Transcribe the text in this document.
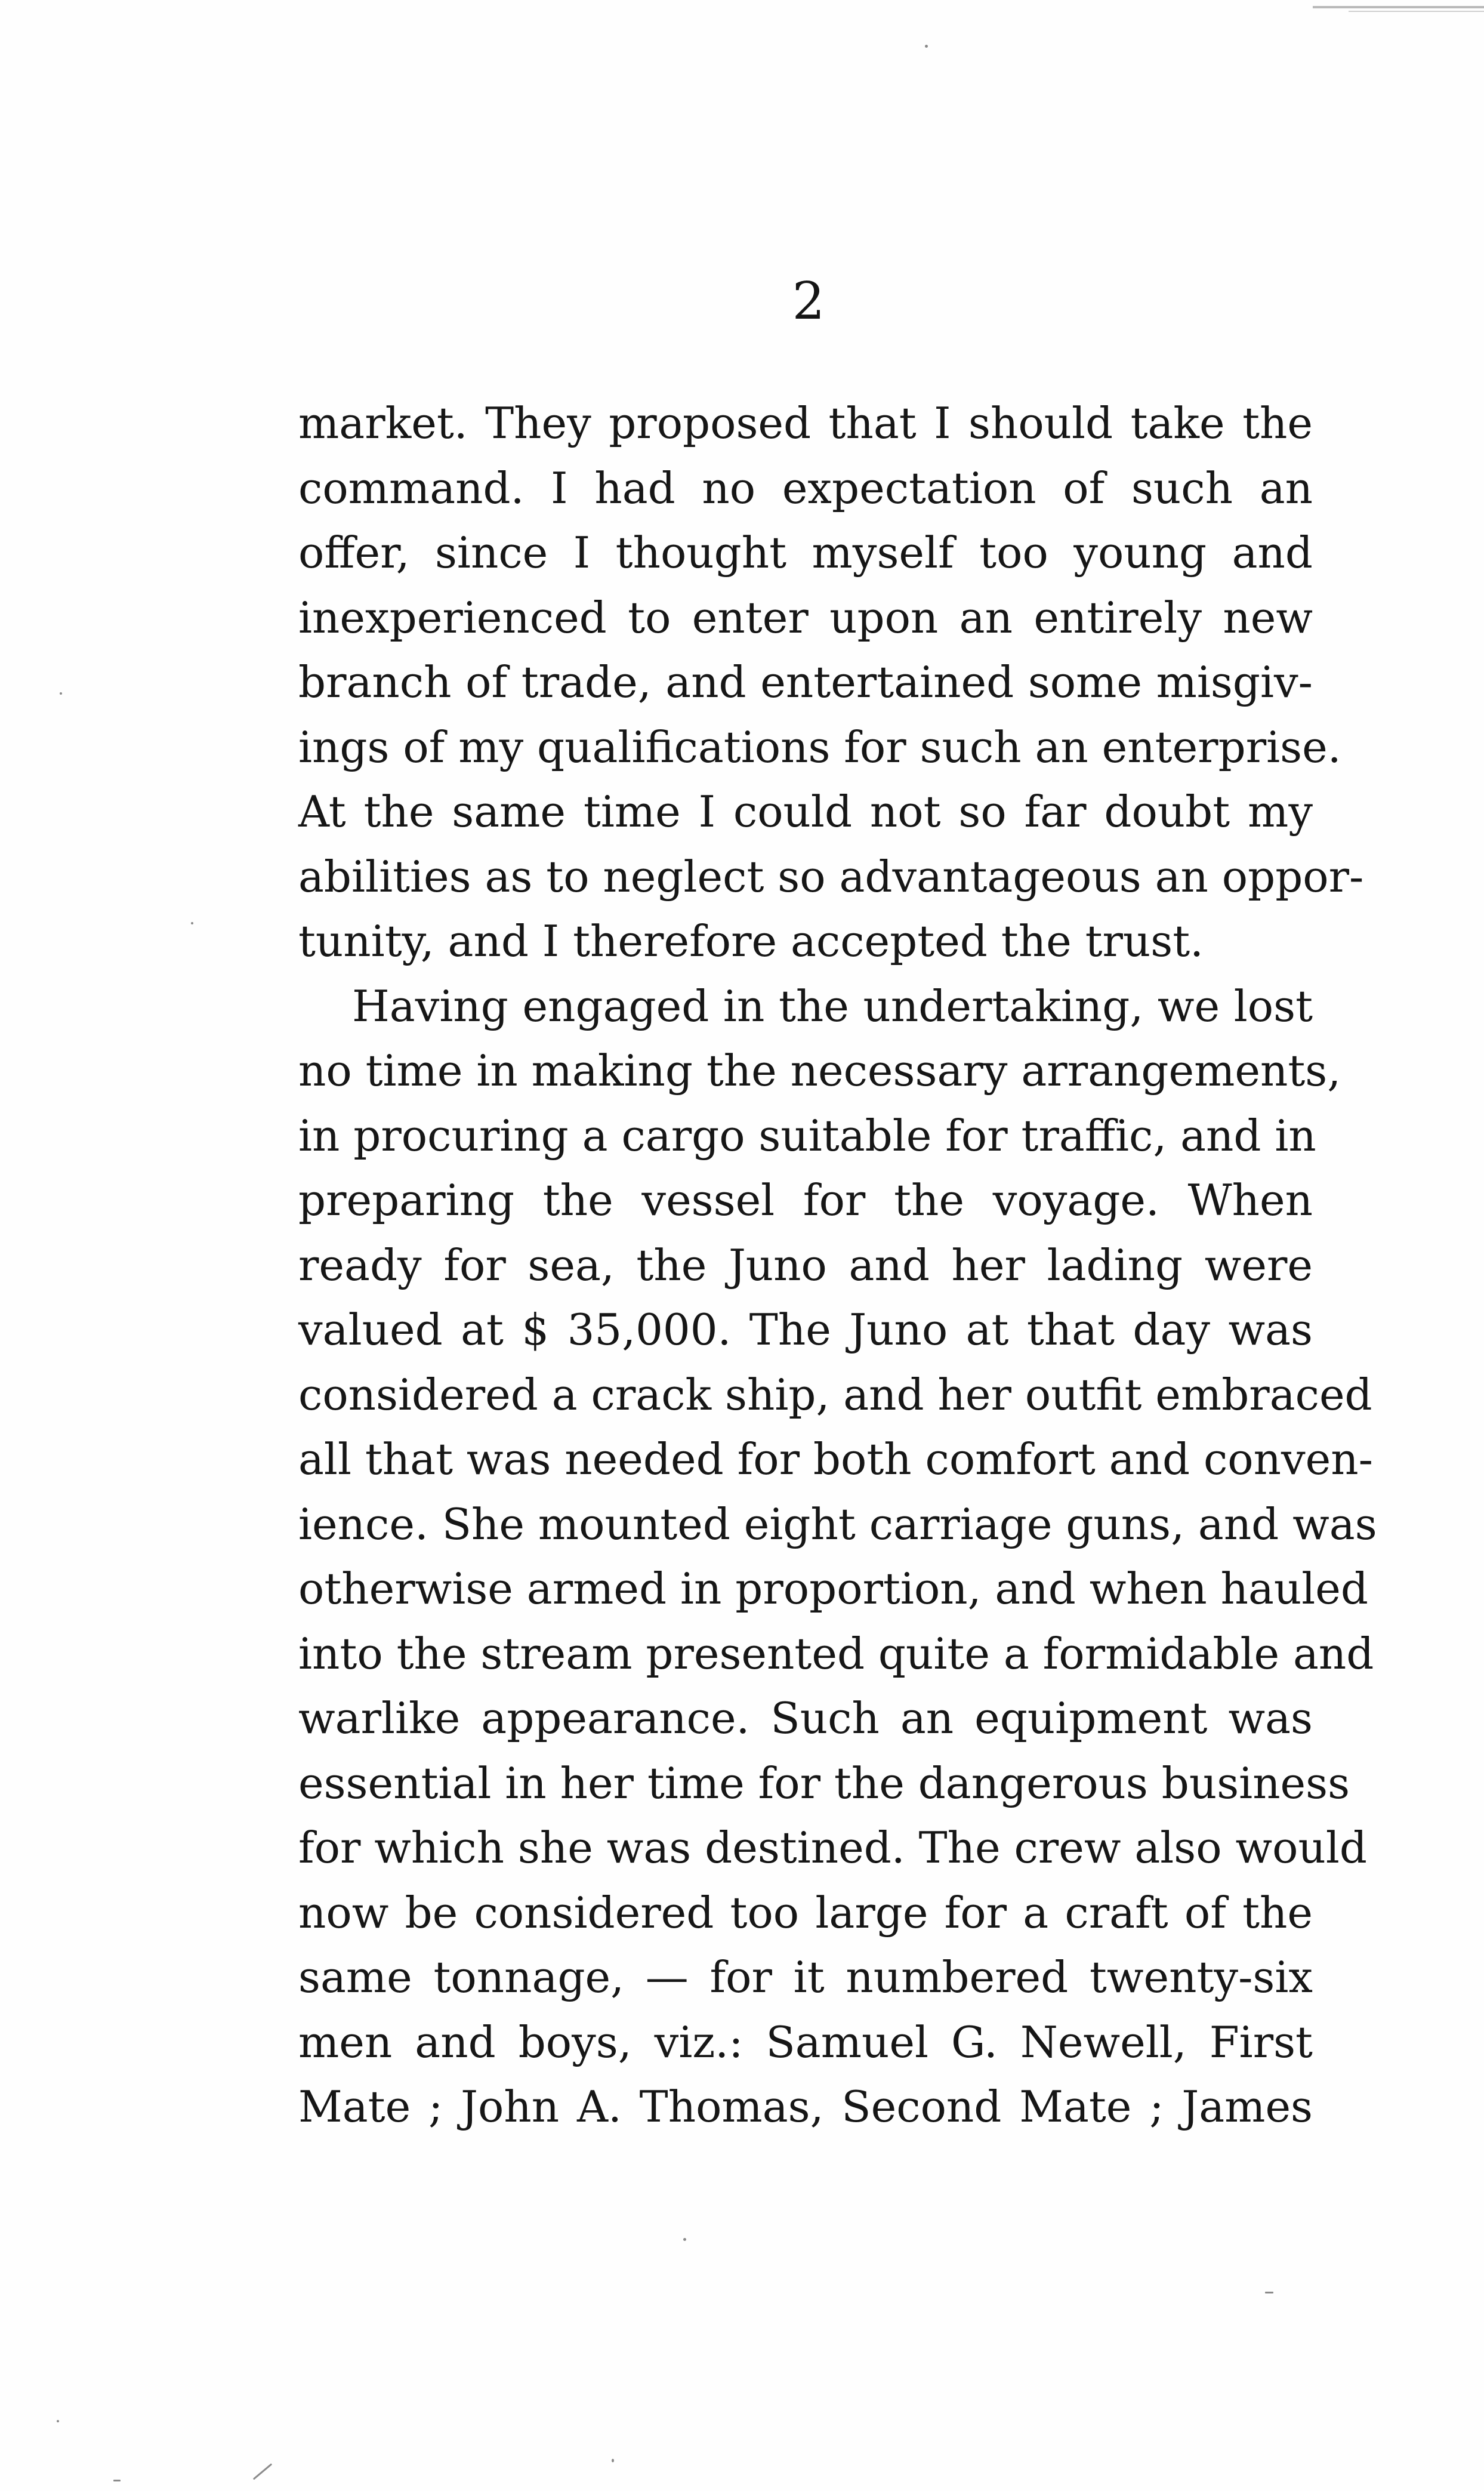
2
market. They proposed that I should take the
command. I had no expectation of such an
offer, since I thought myself too young and
inexperienced to enter upon an entirely new
branch of trade, and entertained some misgiv-
ings of my qualifications for such an enterprise.
At the same time I could not so far doubt my
abilities as to neglect so advantageous an oppor-
tunity, and I therefore accepted the trust.
Having engaged in the undertaking, we lost
no time in making the necessary arrangements,
in procuring a cargo suitable for traffic, and in
preparing the vessel for the voyage. When
ready for sea, the Juno and her lading were
valued at $ 35,000. The Juno at that day was
considered a crack ship, and her outfit embraced
all that was needed for both comfort and conven-
ience. She mounted eight carriage guns, and was
otherwise armed in proportion, and when hauled
into the stream presented quite a formidable and
warlike appearance. Such an equipment was
essential in her time for the dangerous business
for which she was destined. The crew also would
now be considered too large for a craft of the
same tonnage, — for it numbered twenty-six
men and boys, viz.: Samuel G. Newell, First
Mate ; John A. Thomas, Second Mate ; James
